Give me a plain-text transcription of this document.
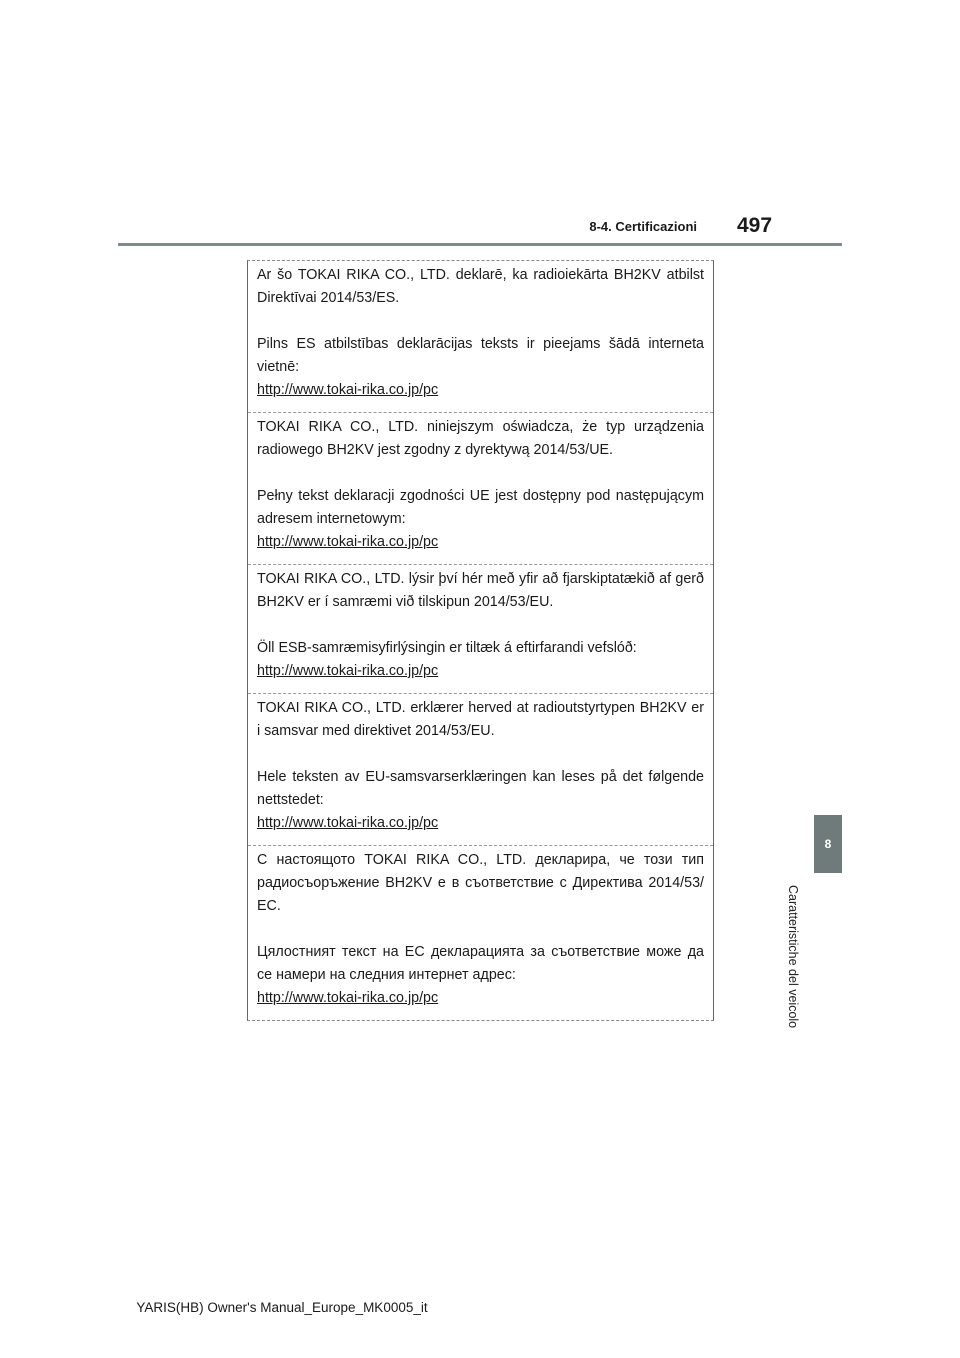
8-4. Certificazioni 497

Ar šo TOKAI RIKA CO., LTD. deklarē, ka radioiekārta BH2KV atbilst Direktīvai 2014/53/ES.

Pilns ES atbilstības deklarācijas teksts ir pieejams šādā interneta vietnē:

http://www.tokai-rika.co.jp/pc

TOKAI RIKA CO., LTD. niniejszym oświadcza, że typ urządzenia radiowego BH2KV jest zgodny z dyrektywą 2014/53/UE.

Pełny tekst deklaracji zgodności UE jest dostępny pod następującym adresem internetowym:

http://www.tokai-rika.co.jp/pc

TOKAI RIKA CO., LTD. lýsir því hér með yfir að fjarskiptatækið af gerð BH2KV er í samræmi við tilskipun 2014/53/EU.

Öll ESB-samræmisyfirlýsingin er tiltæk á eftirfarandi vefslóð:

http://www.tokai-rika.co.jp/pc

TOKAI RIKA CO., LTD. erklærer herved at radioutstyrtypen BH2KV er i samsvar med direktivet 2014/53/EU.

Hele teksten av EU-samsvarserklæringen kan leses på det følgende nettstedet:

http://www.tokai-rika.co.jp/pc

С настоящото TOKAI RIKA CO., LTD. декларира, че този тип радиосъоръжение BH2KV е в съответствие с Директива 2014/53/ЕС.

Цялостният текст на ЕС декларацията за съответствие може да се намери на следния интернет адрес:

http://www.tokai-rika.co.jp/pc
8
Caratteristiche del veicolo
YARIS(HB) Owner's Manual_Europe_MK0005_it
